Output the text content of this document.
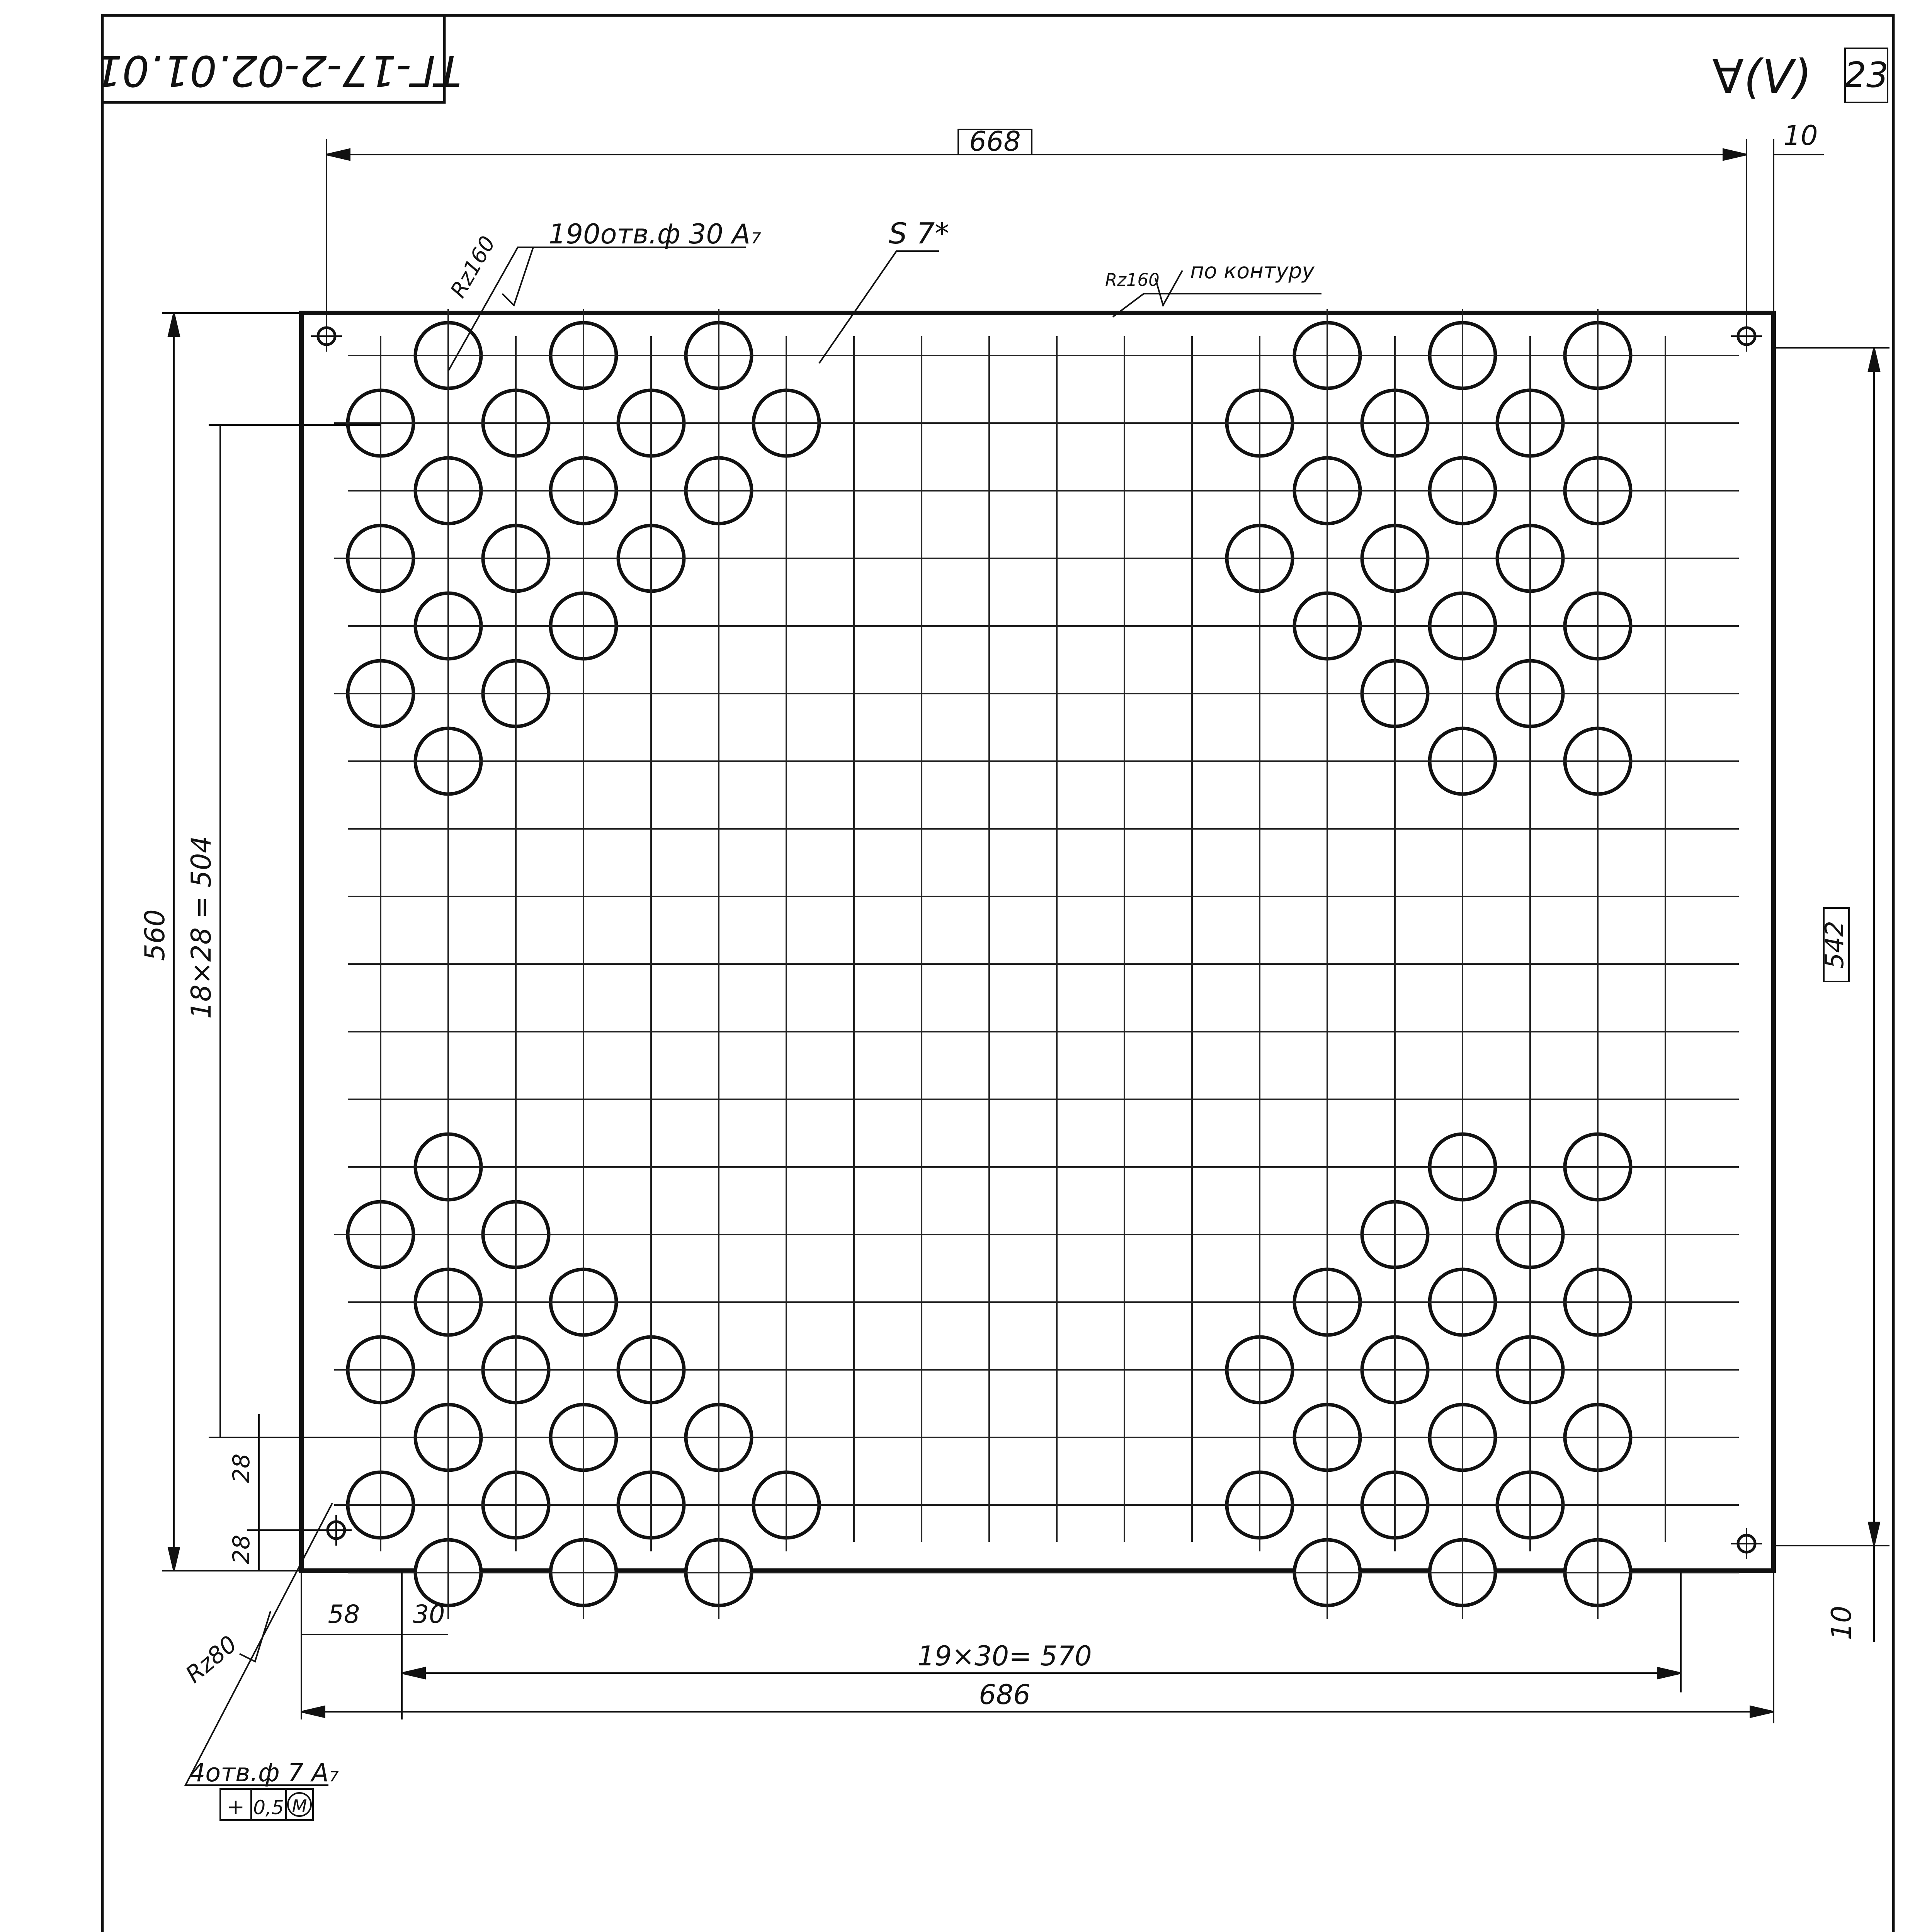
ТГ-17-2-02.01.01	∀(V) 23
668	10
560 18×28 = 504
28
28
542
10
58 30
19×30= 570
686
Rz160 190отв.ф 30 A₇	S 7*
Rz160 по контуру
Rz80
4отв.ф 7 A₇
+ 0,5 М
